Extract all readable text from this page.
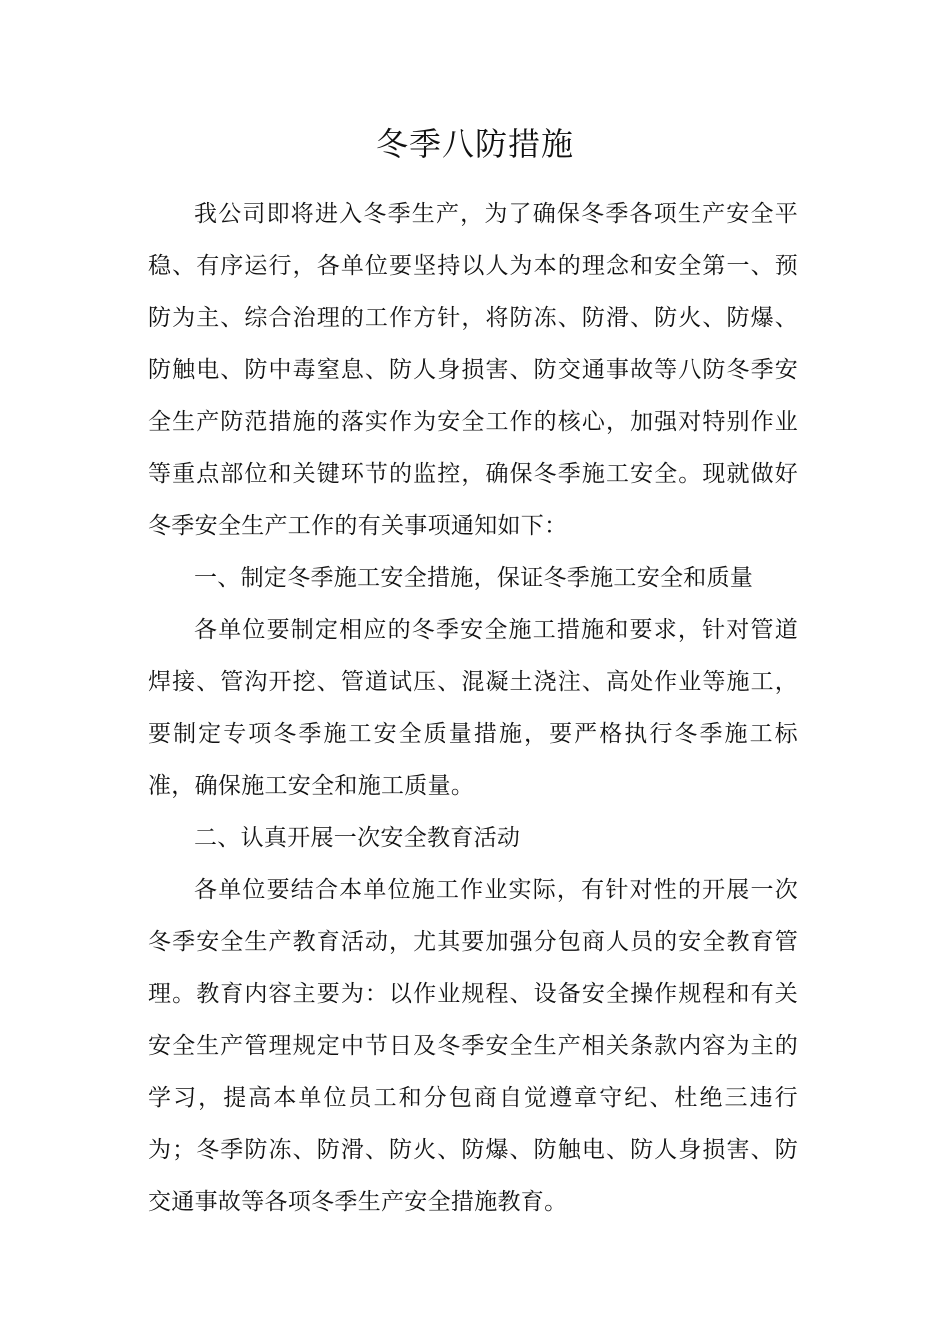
冬季八防措施

我公司即将进入冬季生产，为了确保冬季各项生产安全平稳、有序运行，各单位要坚持以人为本的理念和安全第一、预防为主、综合治理的工作方针，将防冻、防滑、防火、防爆、防触电、防中毒窒息、防人身损害、防交通事故等八防冬季安全生产防范措施的落实作为安全工作的核心，加强对特别作业等重点部位和关键环节的监控，确保冬季施工安全。现就做好冬季安全生产工作的有关事项通知如下：

一、制定冬季施工安全措施，保证冬季施工安全和质量

各单位要制定相应的冬季安全施工措施和要求，针对管道焊接、管沟开挖、管道试压、混凝土浇注、高处作业等施工，要制定专项冬季施工安全质量措施，要严格执行冬季施工标准，确保施工安全和施工质量。

二、认真开展一次安全教育活动

各单位要结合本单位施工作业实际，有针对性的开展一次冬季安全生产教育活动，尤其要加强分包商人员的安全教育管理。教育内容主要为：以作业规程、设备安全操作规程和有关安全生产管理规定中节日及冬季安全生产相关条款内容为主的学习，提高本单位员工和分包商自觉遵章守纪、杜绝三违行为；冬季防冻、防滑、防火、防爆、防触电、防人身损害、防交通事故等各项冬季生产安全措施教育。
